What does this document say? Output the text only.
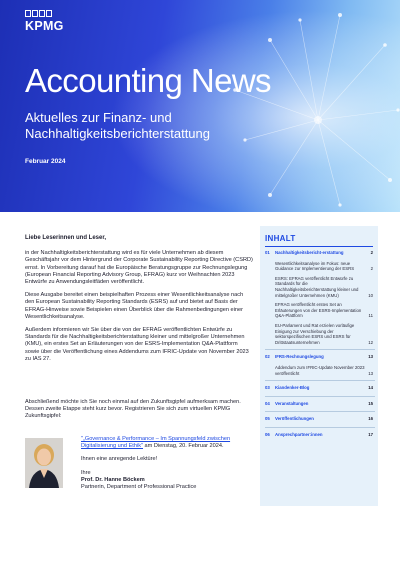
KPMG
Accounting News

Aktuelles zur Finanz- und
Nachhaltigkeitsberichterstattung

Februar 2024

Liebe Leserinnen und Leser,

in der Nachhaltigkeitsberichterstattung wird es für viele Unternehmen ab diesem Geschäftsjahr vor dem Hintergrund der Corporate Sustainability Reporting Directive (CSRD) ernst. In Vorbereitung darauf hat die Europäische Beratungsgruppe zur Rechnungslegung (European Financial Reporting Advisory Group, EFRAG) kurz vor Weihnachten 2023 Entwürfe zu Anwendungsleitfäden veröffentlicht.

Diese Ausgabe bereitet einen beispielhaften Prozess einer Wesentlichkeitsanalyse nach den European Sustainability Reporting Standards (ESRS) auf und bietet auf Basis der EFRAG-Hinweise sowie Beispielen einen Überblick über die Rahmenbedingungen einer Wesentlichkeitsanalyse.

Außerdem informieren wir Sie über die von der EFRAG veröffentlichten Entwürfe zu Standards für die Nachhaltigkeitsberichterstattung kleiner und mittelgroßer Unternehmen (KMU), ein erstes Set an Erläuterungen von der ESRS-Implementation Q&A-Plattform sowie über die Veröffentlichung eines Addendums zum IFRIC-Update von November 2023 zu IAS 27.

Abschließend möchte ich Sie noch einmal auf den Zukunftsgipfel aufmerksam machen. Dessen zweite Etappe steht kurz bevor. Registrieren Sie sich zum virtuellen KPMG Zukunftsgipfel:

"„Governance & Performance – Im Spannungsfeld zwischen Digitalisierung und Ethik" am Dienstag, 20. Februar 2024.

Ihnen eine anregende Lektüre!

Ihre

Prof. Dr. Hanne Böckem

Partnerin, Department of Professional Practice

INHALT
01 Nachhaltigkeitsbericht-erstattung	2
Wesentlichkeitsanalyse im Fokus: neue Guidance zur Implementierung der ESRS	2
ESRS: EFRAG veröffentlicht Entwürfe zu Standards für die Nachhaltigkeitsberichterstattung kleiner und mittelgroßer Unternehmen (KMU)	10
EFRAG veröffentlicht erstes Set an Erläuterungen von der ESRS-Implementation Q&A-Plattform	11
EU-Parlament und Rat erzielen vorläufige Einigung zur Verschiebung der sektorspezifischen ESRS und ESRS für Drittstaatsunternehmen	12
02 IFRS-Rechnungslegung	13
Addendum zum IFRIC-Update November 2023 veröffentlicht	13
03 Kiandenker-Blog	14
04 Veranstaltungen	15
05 Veröffentlichungen	16
06 Ansprechpartner:innen	17
